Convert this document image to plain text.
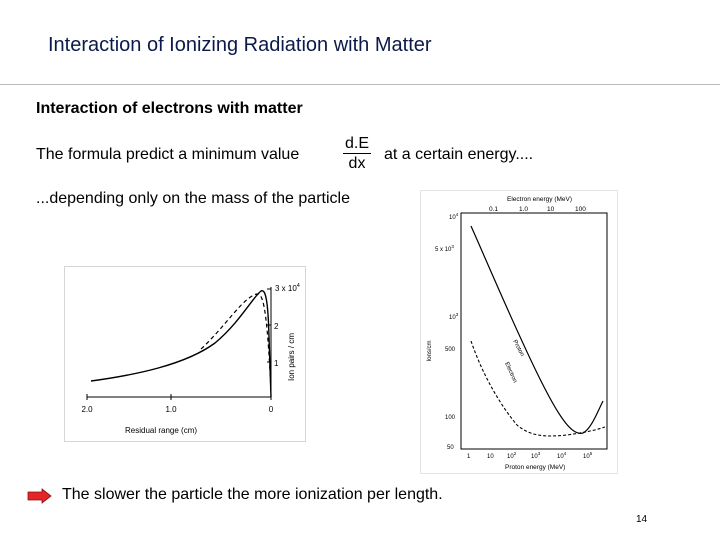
Interaction of Ionizing Radiation with Matter
Interaction of electrons with matter
The formula predict a minimum value	$\frac{d.E}{dx}$ at a certain energy....
...depending only on the mass of the particle
3 x $10^4$
2
1 Ion pairs / cm
2.0	1.0	0
Residual range (cm)
Electron energy (MeV)
0.1	1.0	10	100
$10^4$
5 x $10^3$
$10^3$
500
100
50
Ions/cm	Proton
Electron
1	10 $10^2$
$10^3$
$10^4$
$10^5$
Proton energy (MeV)
The slower the particle the more ionization per length.
14
